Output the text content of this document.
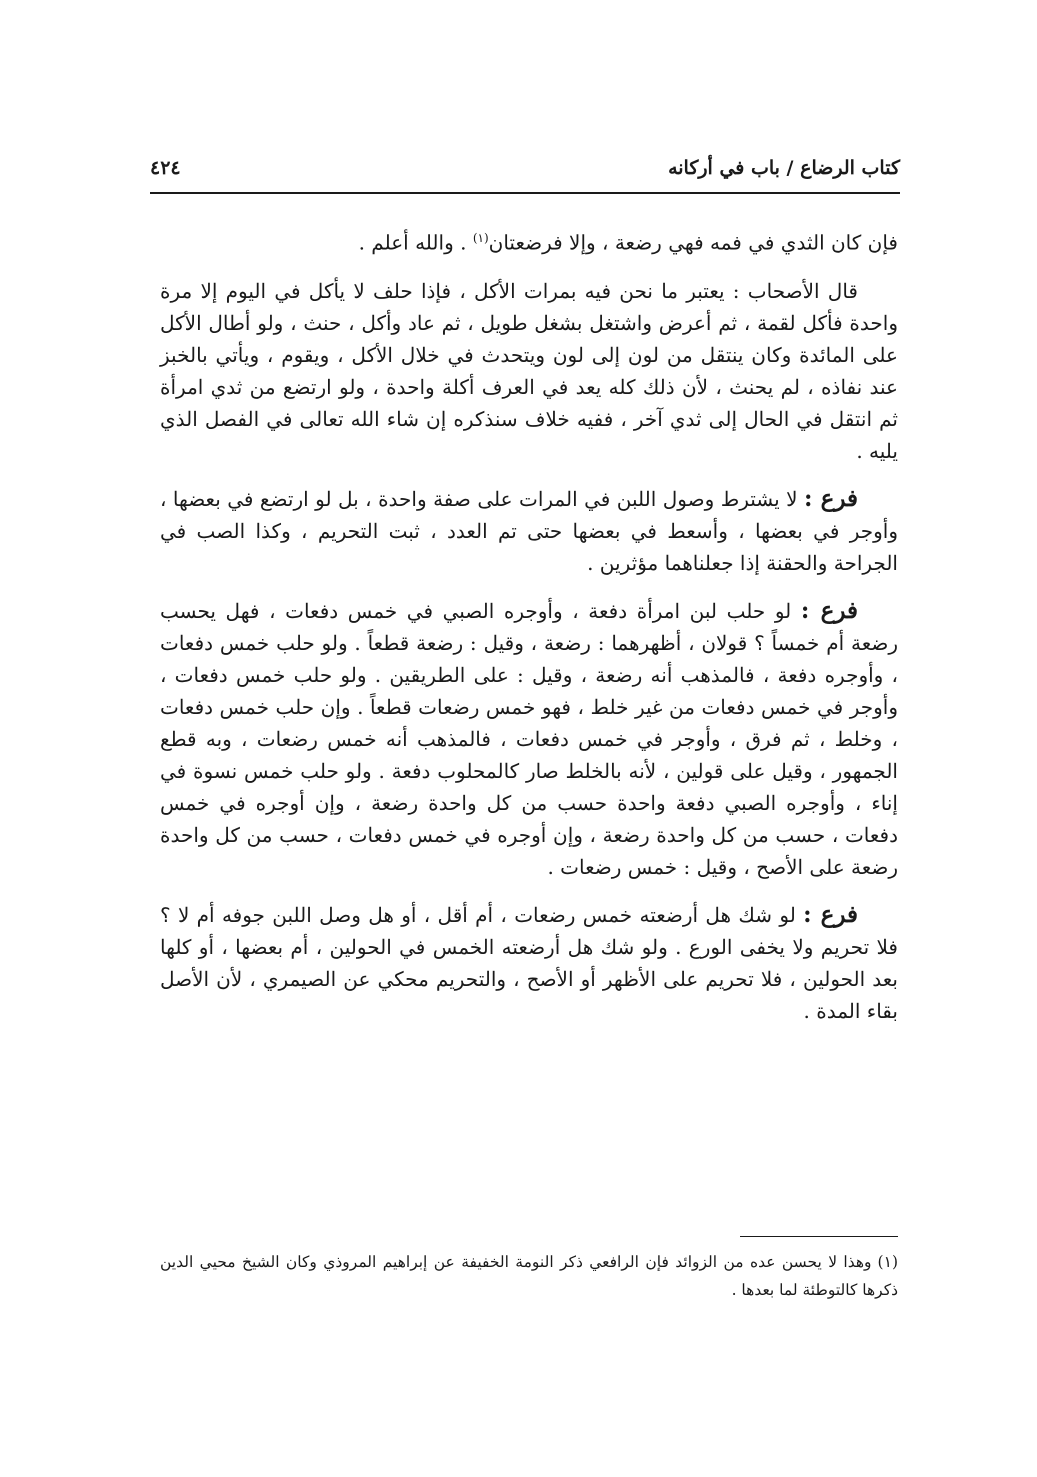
كتاب الرضاع / باب في أركانه
٤٢٤

فإن كان الثدي في فمه فهي رضعة ، وإلا فرضعتان$^{(١)}$ . والله أعلم .

قال الأصحاب : يعتبر ما نحن فيه بمرات الأكل ، فإذا حلف لا يأكل في اليوم إلا مرة واحدة فأكل لقمة ، ثم أعرض واشتغل بشغل طويل ، ثم عاد وأكل ، حنث ، ولو أطال الأكل على المائدة وكان ينتقل من لون إلى لون ويتحدث في خلال الأكل ، ويقوم ، ويأتي بالخبز عند نفاذه ، لم يحنث ، لأن ذلك كله يعد في العرف أكلة واحدة ، ولو ارتضع من ثدي امرأة ثم انتقل في الحال إلى ثدي آخر ، ففيه خلاف سنذكره إن شاء الله تعالى في الفصل الذي يليه .

فرع : لا يشترط وصول اللبن في المرات على صفة واحدة ، بل لو ارتضع في بعضها ، وأوجر في بعضها ، وأسعط في بعضها حتى تم العدد ، ثبت التحريم ، وكذا الصب في الجراحة والحقنة إذا جعلناهما مؤثرين .

فرع : لو حلب لبن امرأة دفعة ، وأوجره الصبي في خمس دفعات ، فهل يحسب رضعة أم خمساً ؟ قولان ، أظهرهما : رضعة ، وقيل : رضعة قطعاً . ولو حلب خمس دفعات ، وأوجره دفعة ، فالمذهب أنه رضعة ، وقيل : على الطريقين . ولو حلب خمس دفعات ، وأوجر في خمس دفعات من غير خلط ، فهو خمس رضعات قطعاً . وإن حلب خمس دفعات ، وخلط ، ثم فرق ، وأوجر في خمس دفعات ، فالمذهب أنه خمس رضعات ، وبه قطع الجمهور ، وقيل على قولين ، لأنه بالخلط صار كالمحلوب دفعة . ولو حلب خمس نسوة في إناء ، وأوجره الصبي دفعة واحدة حسب من كل واحدة رضعة ، وإن أوجره في خمس دفعات ، حسب من كل واحدة رضعة ، وإن أوجره في خمس دفعات ، حسب من كل واحدة رضعة على الأصح ، وقيل : خمس رضعات .

فرع : لو شك هل أرضعته خمس رضعات ، أم أقل ، أو هل وصل اللبن جوفه أم لا ؟ فلا تحريم ولا يخفى الورع . ولو شك هل أرضعته الخمس في الحولين ، أم بعضها ، أو كلها بعد الحولين ، فلا تحريم على الأظهر أو الأصح ، والتحريم محكي عن الصيمري ، لأن الأصل بقاء المدة .

(١)وهذا لا يحسن عده من الزوائد فإن الرافعي ذكر النومة الخفيفة عن إبراهيم المروذي وكان الشيخ محيي الدين ذكرها كالتوطئة لما بعدها .
